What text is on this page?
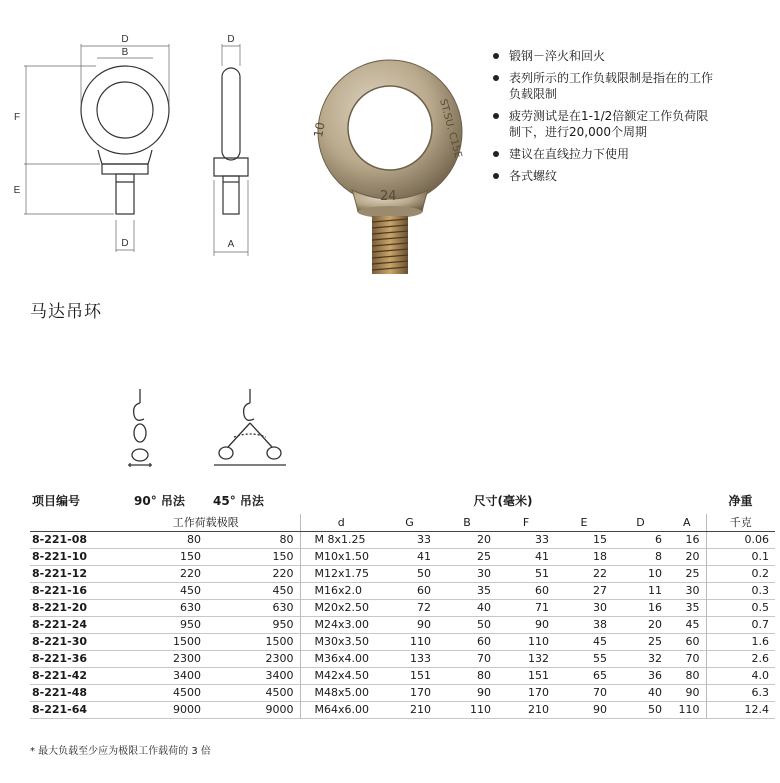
D
B
F
E
D
D
A
10
24
ST.SU. C15E
锻钢－淬火和回火
表列所示的工作负载限制是指在的工作
负载限制
疲劳测试是在1-1/2倍额定工作负荷限
制下，进行20,000个周期
建议在直线拉力下使用
各式螺纹
马达吊环
项目编号	90° 吊法	45° 吊法	尺寸(毫米)							净重
	工作荷载极限		d	G	B	F	E	D	A	千克
8-221-08	80	80	M 8x1.25	33	20	33	15	6	16	0.06
8-221-10	150	150	M10x1.50	41	25	41	18	8	20	0.1
8-221-12	220	220	M12x1.75	50	30	51	22	10	25	0.2
8-221-16	450	450	M16x2.0	60	35	60	27	11	30	0.3
8-221-20	630	630	M20x2.50	72	40	71	30	16	35	0.5
8-221-24	950	950	M24x3.00	90	50	90	38	20	45	0.7
8-221-30	1500	1500	M30x3.50	110	60	110	45	25	60	1.6
8-221-36	2300	2300	M36x4.00	133	70	132	55	32	70	2.6
8-221-42	3400	3400	M42x4.50	151	80	151	65	36	80	4.0
8-221-48	4500	4500	M48x5.00	170	90	170	70	40	90	6.3
8-221-64	9000	9000	M64x6.00	210	110	210	90	50	110	12.4
* 最大负载至少应为极限工作载荷的 3 倍
